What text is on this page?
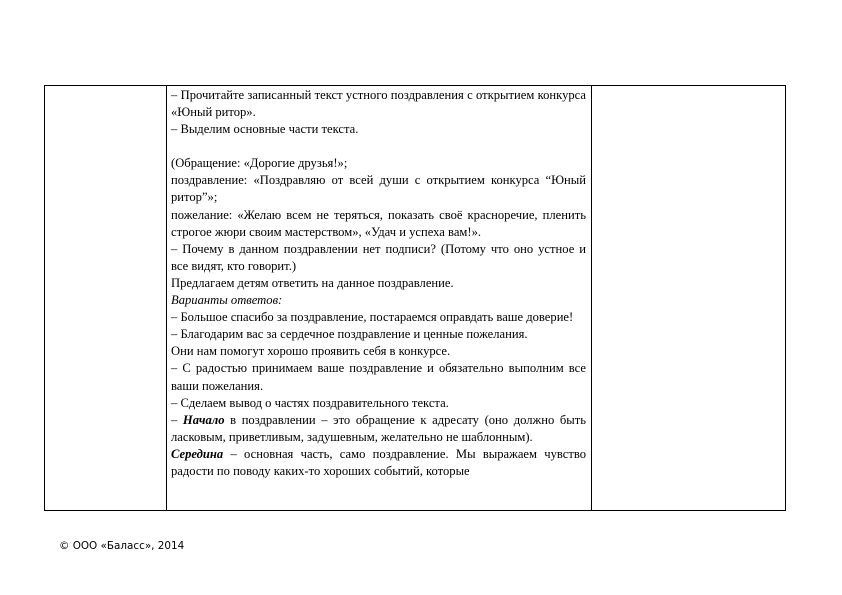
– Прочитайте записанный текст устного поздравления с открытием конкурса «Юный ритор».

– Выделим основные части текста.

(Обращение: «Дорогие друзья!»;

поздравление: «Поздравляю от всей души с открытием конкурса “Юный ритор”»;

пожелание: «Желаю всем не теряться, показать своё красноречие, пленить строгое жюри своим мастерством», «Удач и успеха вам!».

– Почему в данном поздравлении нет подписи? (Потому что оно устное и все видят, кто говорит.)

Предлагаем детям ответить на данное поздравление.

Варианты ответов:

– Большое спасибо за поздравление, постараемся оправдать ваше доверие!

– Благодарим вас за сердечное поздравление и ценные пожелания.

Они нам помогут хорошо проявить себя в конкурсе.

– С радостью принимаем ваше поздравление и обязательно выполним все ваши пожелания.

– Сделаем вывод о частях поздравительного текста.

– Начало в поздравлении – это обращение к адресату (оно должно быть ласковым, приветливым, задушевным, желательно не шаблонным).

Середина – основная часть, само поздравление. Мы выражаем чувство радости по поводу каких-то хороших событий, которые

© ООО «Баласс», 2014
